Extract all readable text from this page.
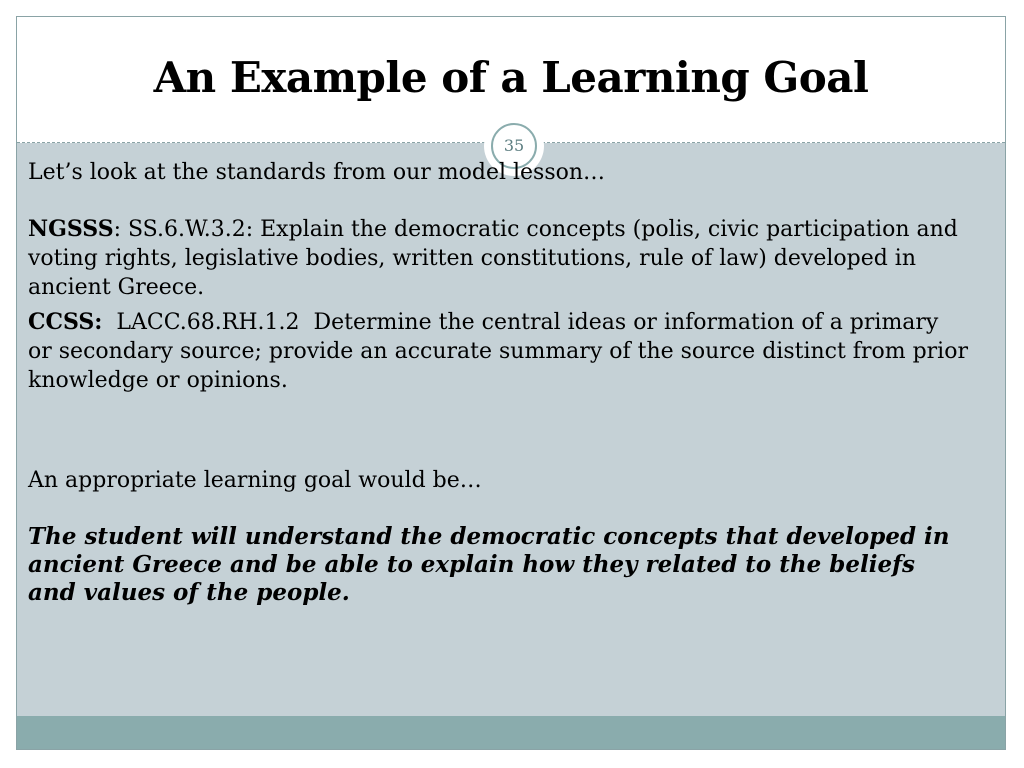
An Example of a Learning Goal
35

Let’s look at the standards from our model lesson…

NGSSS: SS.6.W.3.2: Explain the democratic concepts (polis, civic participation and voting rights, legislative bodies, written constitutions, rule of law) developed in ancient Greece.

CCSS:  LACC.68.RH.1.2  Determine the central ideas or information of a primary or secondary source; provide an accurate summary of the source distinct from prior knowledge or opinions.

An appropriate learning goal would be…

The student will understand the democratic concepts that developed in ancient Greece and be able to explain how they related to the beliefs and values of the people.
